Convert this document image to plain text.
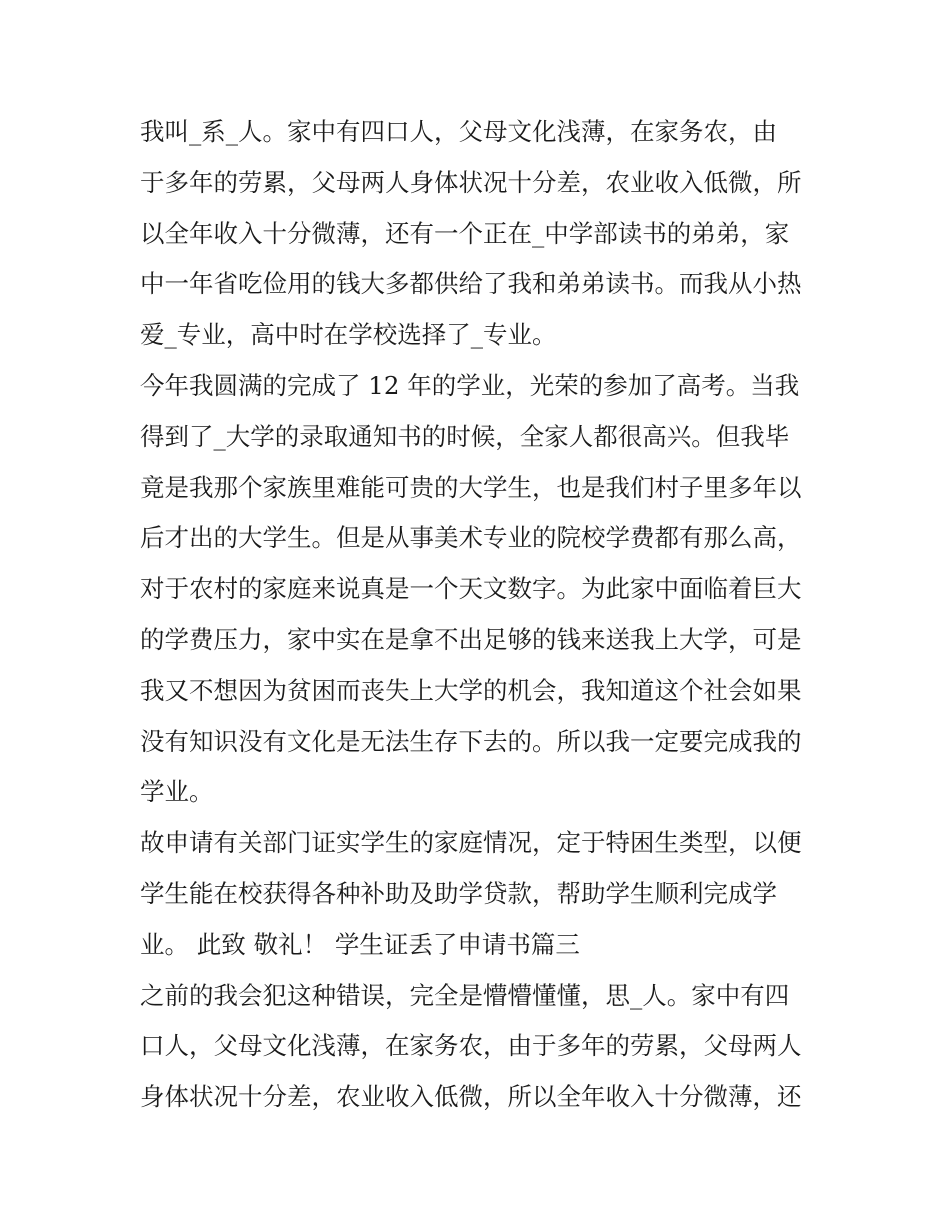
我叫_系_人。家中有四口人，父母文化浅薄，在家务农，由
于多年的劳累，父母两人身体状况十分差，农业收入低微，所
以全年收入十分微薄，还有一个正在_中学部读书的弟弟，家
中一年省吃俭用的钱大多都供给了我和弟弟读书。而我从小热
爱_专业，高中时在学校选择了_专业。
今年我圆满的完成了 12 年的学业，光荣的参加了高考。当我
得到了_大学的录取通知书的时候，全家人都很高兴。但我毕
竟是我那个家族里难能可贵的大学生，也是我们村子里多年以
后才出的大学生。但是从事美术专业的院校学费都有那么高，
对于农村的家庭来说真是一个天文数字。为此家中面临着巨大
的学费压力，家中实在是拿不出足够的钱来送我上大学，可是
我又不想因为贫困而丧失上大学的机会，我知道这个社会如果
没有知识没有文化是无法生存下去的。所以我一定要完成我的
学业。
故申请有关部门证实学生的家庭情况，定于特困生类型，以便
学生能在校获得各种补助及助学贷款，帮助学生顺利完成学
业。 此致 敬礼！ 学生证丢了申请书篇三
之前的我会犯这种错误，完全是懵懵懂懂，思_人。家中有四
口人，父母文化浅薄，在家务农，由于多年的劳累，父母两人
身体状况十分差，农业收入低微，所以全年收入十分微薄，还
